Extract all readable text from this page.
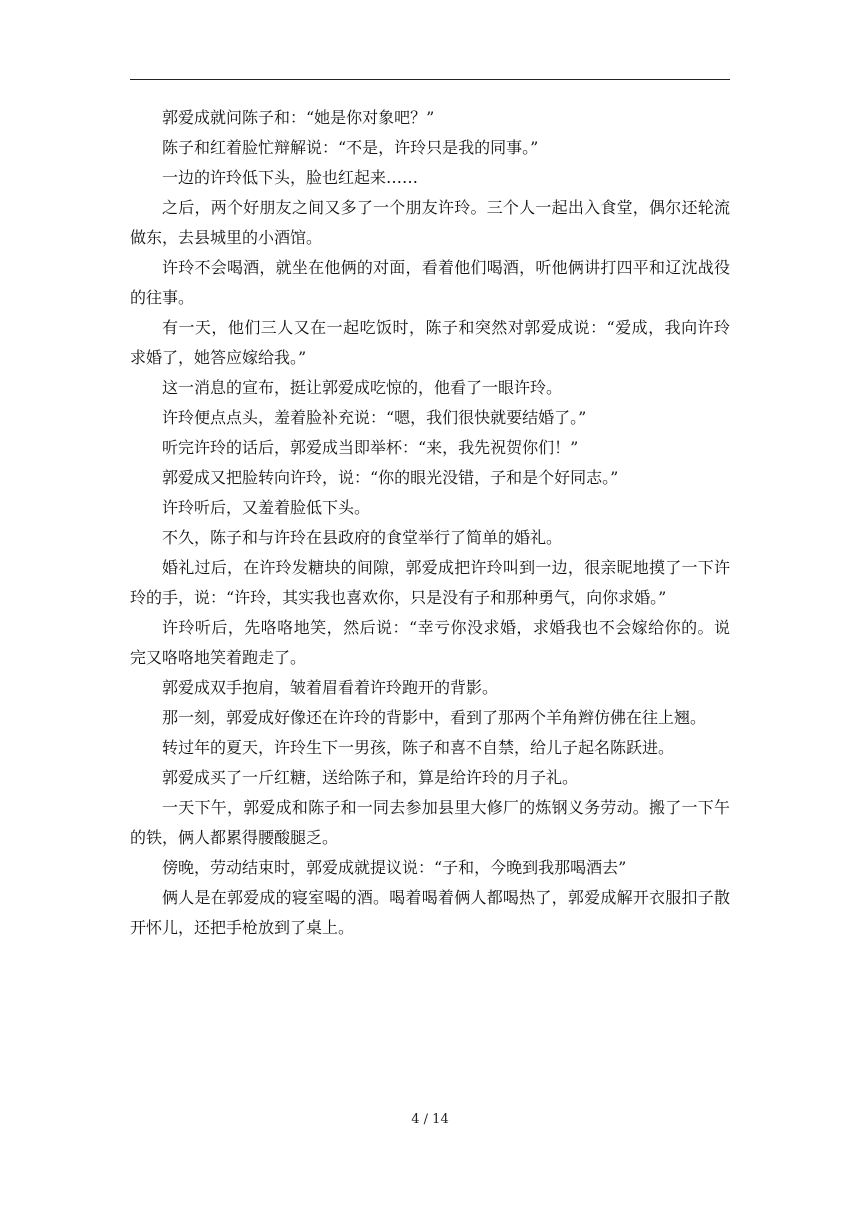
郭爱成就问陈子和：“她是你对象吧？”

陈子和红着脸忙辩解说：“不是，许玲只是我的同事。”

一边的许玲低下头，脸也红起来……

之后，两个好朋友之间又多了一个朋友许玲。三个人一起出入食堂，偶尔还轮流做东，去县城里的小酒馆。

许玲不会喝酒，就坐在他俩的对面，看着他们喝酒，听他俩讲打四平和辽沈战役的往事。

有一天，他们三人又在一起吃饭时，陈子和突然对郭爱成说：“爱成，我向许玲求婚了，她答应嫁给我。”

这一消息的宣布，挺让郭爱成吃惊的，他看了一眼许玲。

许玲便点点头，羞着脸补充说：“嗯，我们很快就要结婚了。”

听完许玲的话后，郭爱成当即举杯：“来，我先祝贺你们！”

郭爱成又把脸转向许玲，说：“你的眼光没错，子和是个好同志。”

许玲听后，又羞着脸低下头。

不久，陈子和与许玲在县政府的食堂举行了简单的婚礼。

婚礼过后，在许玲发糖块的间隙，郭爱成把许玲叫到一边，很亲昵地摸了一下许玲的手，说：“许玲，其实我也喜欢你，只是没有子和那种勇气，向你求婚。”

许玲听后，先咯咯地笑，然后说：“幸亏你没求婚，求婚我也不会嫁给你的。说完又咯咯地笑着跑走了。

郭爱成双手抱肩，皱着眉看着许玲跑开的背影。

那一刻，郭爱成好像还在许玲的背影中，看到了那两个羊角辫仿佛在往上翘。

转过年的夏天，许玲生下一男孩，陈子和喜不自禁，给儿子起名陈跃进。

郭爱成买了一斤红糖，送给陈子和，算是给许玲的月子礼。

一天下午，郭爱成和陈子和一同去参加县里大修厂的炼钢义务劳动。搬了一下午的铁，俩人都累得腰酸腿乏。

傍晚，劳动结束时，郭爱成就提议说：“子和，今晚到我那喝酒去”

俩人是在郭爱成的寝室喝的酒。喝着喝着俩人都喝热了，郭爱成解开衣服扣子散开怀儿，还把手枪放到了桌上。

4 / 14
